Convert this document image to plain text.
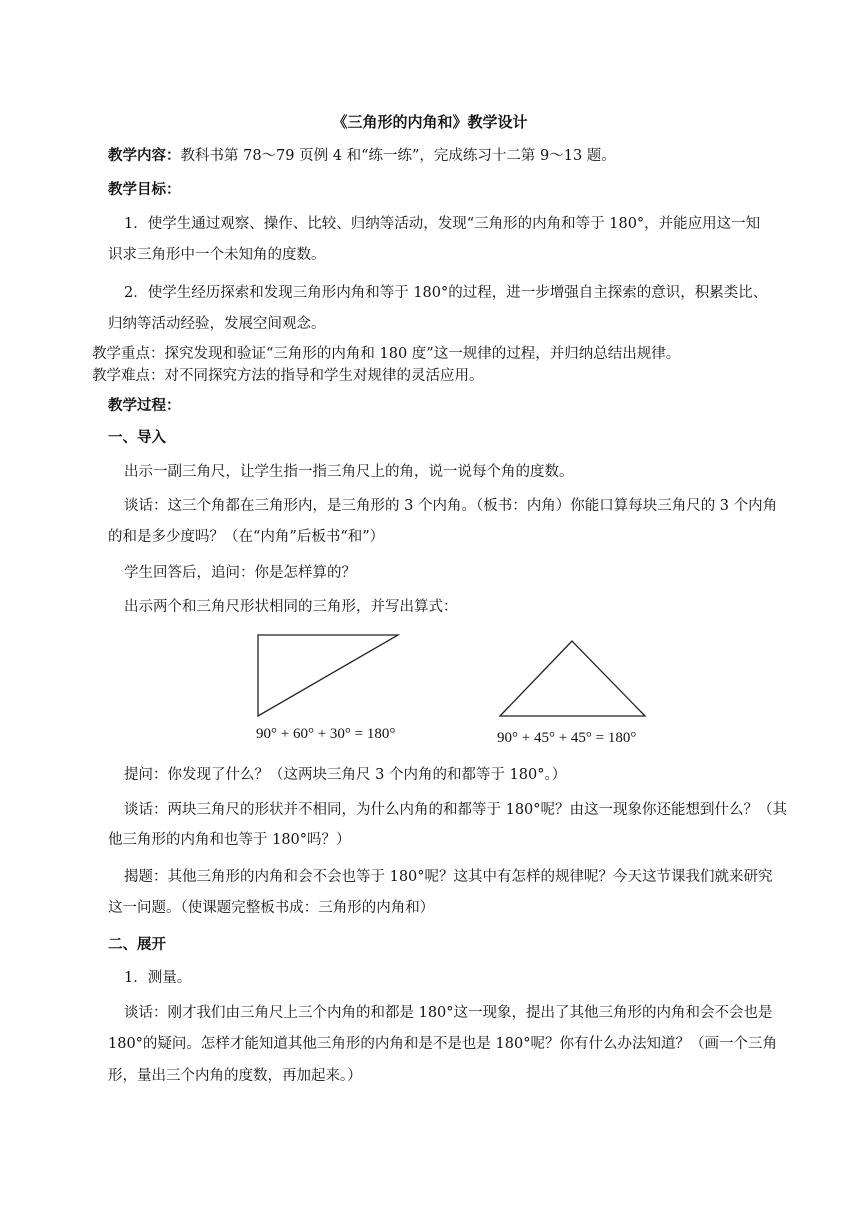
《三角形的内角和》教学设计
教学内容：教科书第 78～79 页例 4 和“练一练”，完成练习十二第 9～13 题。
教学目标：
1．使学生通过观察、操作、比较、归纳等活动，发现“三角形的内角和等于 180°，并能应用这一知
识求三角形中一个未知角的度数。
2．使学生经历探索和发现三角形内角和等于 180°的过程，进一步增强自主探索的意识，积累类比、
归纳等活动经验，发展空间观念。
教学重点：探究发现和验证“三角形的内角和 180 度”这一规律的过程，并归纳总结出规律。
教学难点：对不同探究方法的指导和学生对规律的灵活应用。
教学过程：
一、导入
出示一副三角尺，让学生指一指三角尺上的角，说一说每个角的度数。
谈话：这三个角都在三角形内，是三角形的 3 个内角。（板书：内角）你能口算每块三角尺的 3 个内角
的和是多少度吗？（在“内角”后板书“和”）
学生回答后，追问：你是怎样算的？
出示两个和三角尺形状相同的三角形，并写出算式：
90° + 60° + 30° = 180°	90° + 45° + 45° = 180°
提问：你发现了什么？（这两块三角尺 3 个内角的和都等于 180°。）
谈话：两块三角尺的形状并不相同，为什么内角的和都等于 180°呢？由这一现象你还能想到什么？（其
他三角形的内角和也等于 180°吗？）
揭题：其他三角形的内角和会不会也等于 180°呢？这其中有怎样的规律呢？今天这节课我们就来研究
这一问题。（使课题完整板书成：三角形的内角和）
二、展开
1．测量。
谈话：刚才我们由三角尺上三个内角的和都是 180°这一现象，提出了其他三角形的内角和会不会也是
180°的疑问。怎样才能知道其他三角形的内角和是不是也是 180°呢？你有什么办法知道？（画一个三角
形，量出三个内角的度数，再加起来。）
